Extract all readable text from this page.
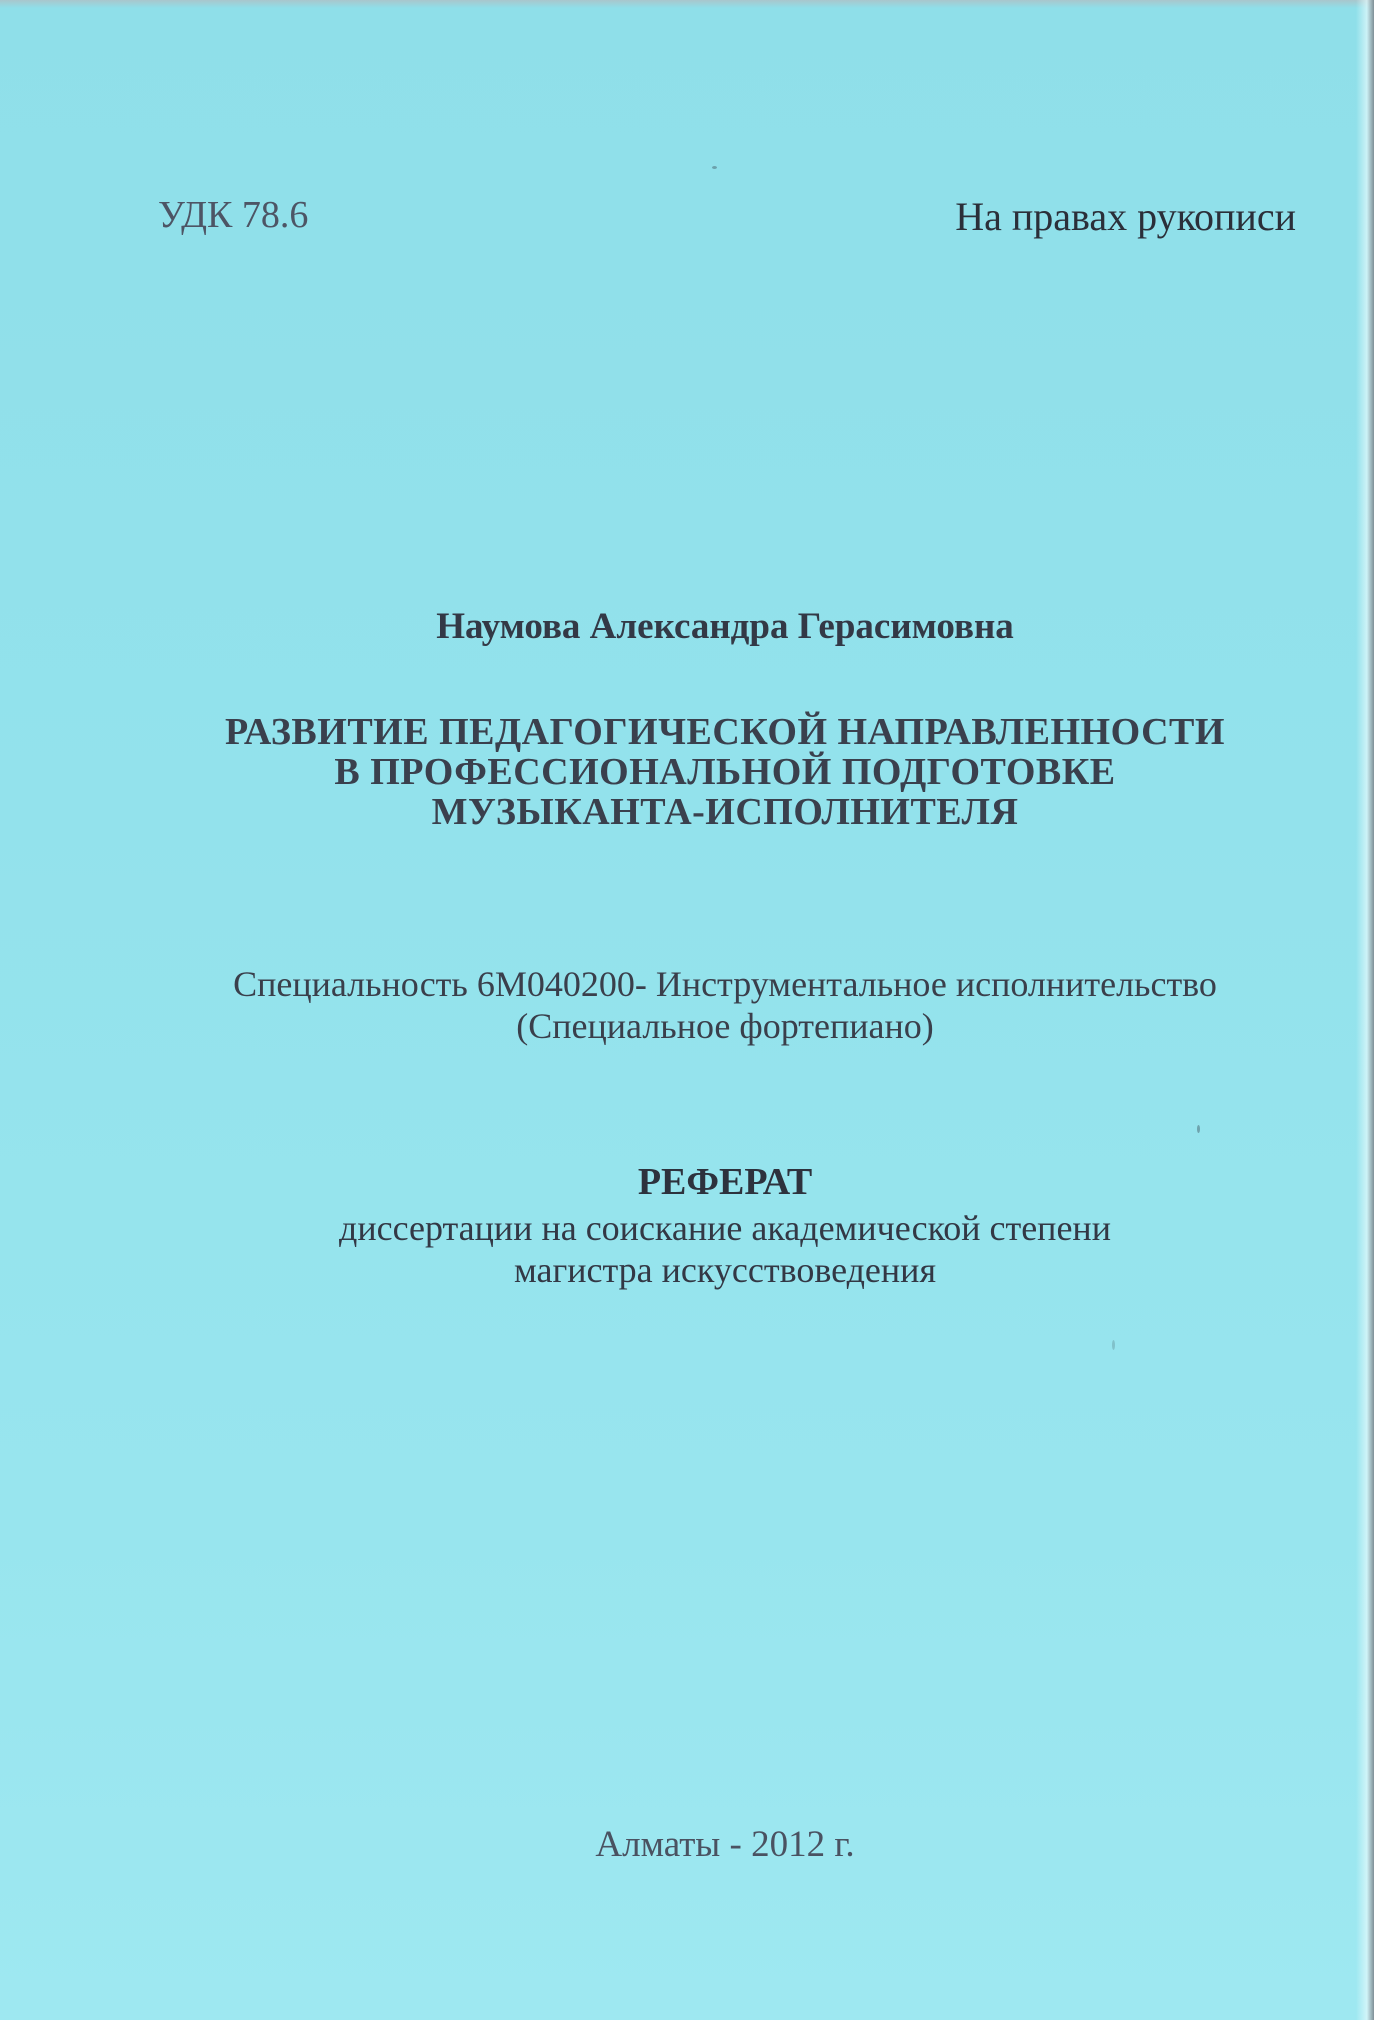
УДК 78.6	На правах рукописи
Наумова Александра Герасимовна
РАЗВИТИЕ ПЕДАГОГИЧЕСКОЙ НАПРАВЛЕННОСТИ
В ПРОФЕССИОНАЛЬНОЙ ПОДГОТОВКЕ
МУЗЫКАНТА-ИСПОЛНИТЕЛЯ
Специальность 6М040200- Инструментальное исполнительство
(Специальное фортепиано)
РЕФЕРАТ
диссертации на соискание академической степени
магистра искусствоведения
Алматы - 2012 г.
